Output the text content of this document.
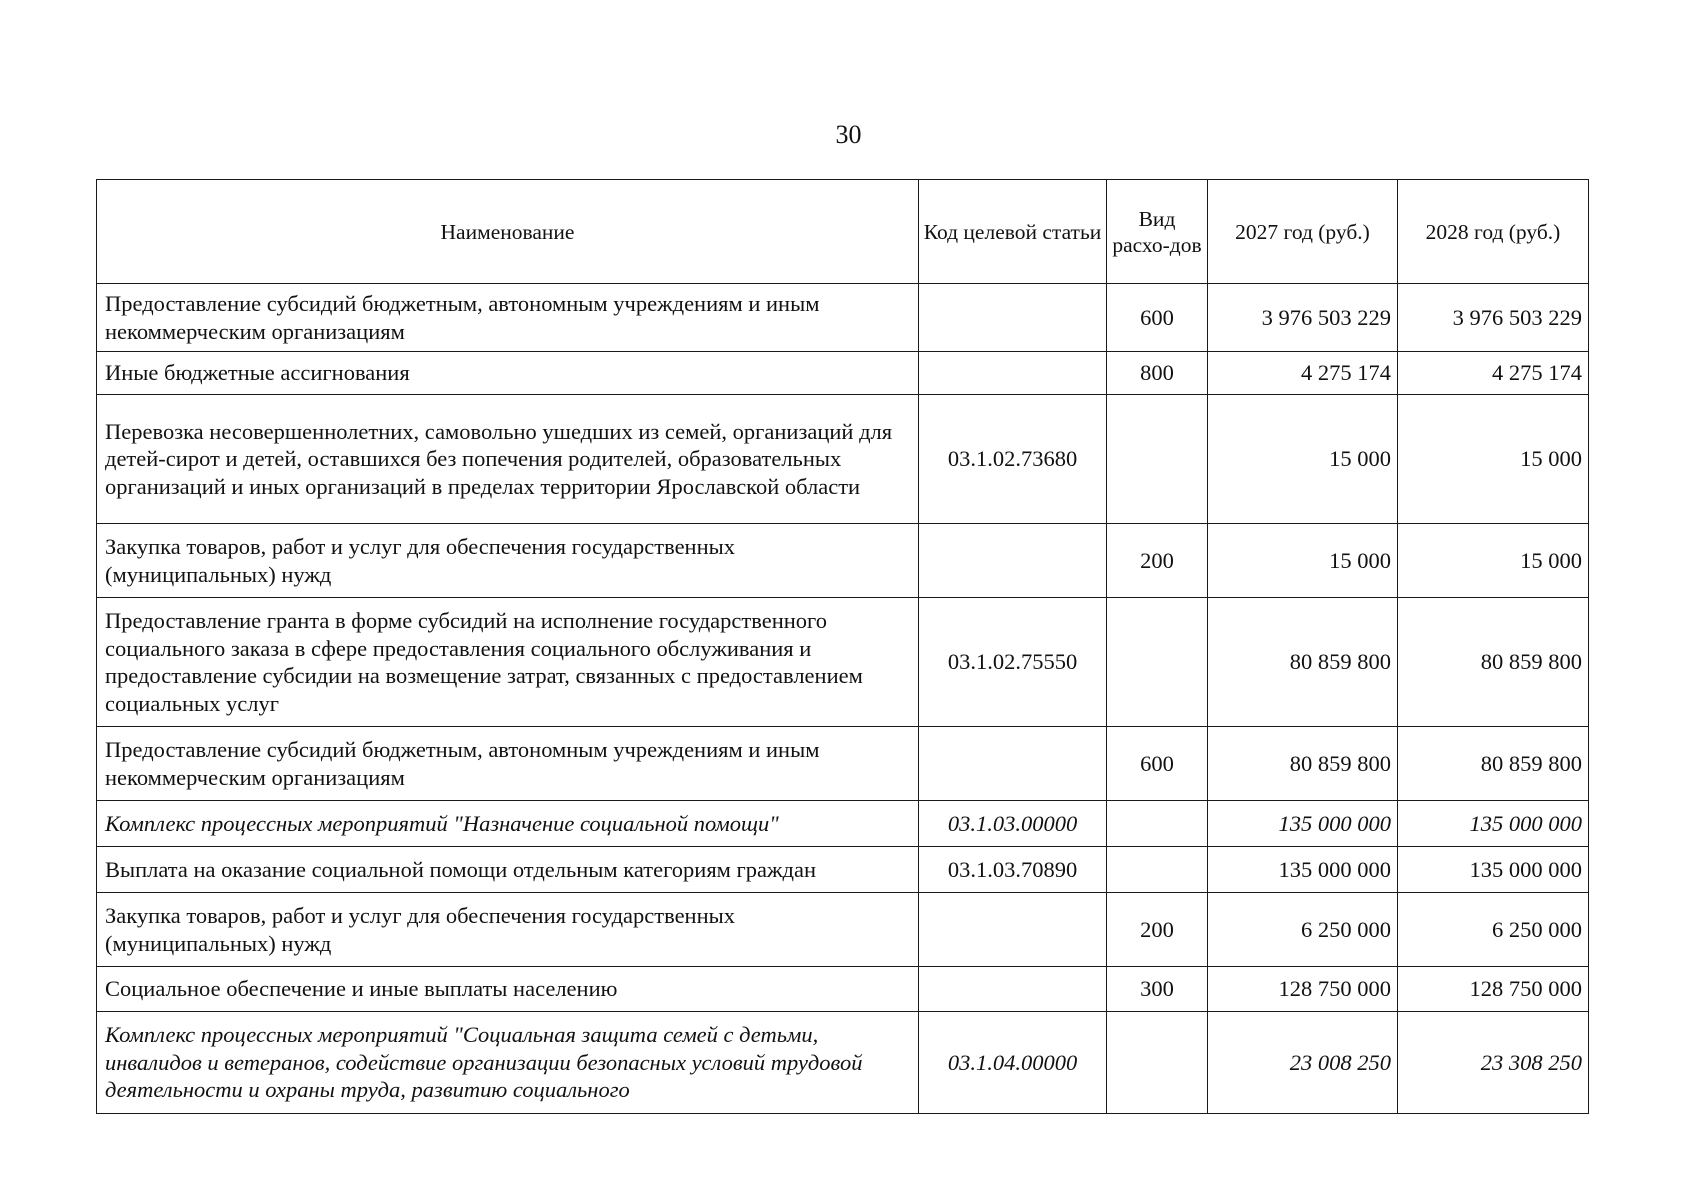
30
Наименование	Код целевой статьи	Вид расхо-дов	2027 год (руб.)	2028 год (руб.)
Предоставление субсидий бюджетным, автономным учреждениям и иным некоммерческим организациям		600	3 976 503 229	3 976 503 229
Иные бюджетные ассигнования		800	4 275 174	4 275 174
Перевозка несовершеннолетних, самовольно ушедших из семей, организаций для детей-сирот и детей, оставшихся без попечения родителей, образовательных организаций и иных организаций в пределах территории Ярославской области	03.1.02.73680		15 000	15 000
Закупка товаров, работ и услуг для обеспечения государственных (муниципальных) нужд		200	15 000	15 000
Предоставление гранта в форме субсидий на исполнение государственного социального заказа в сфере предоставления социального обслуживания и предоставление субсидии на возмещение затрат, связанных с предоставлением социальных услуг	03.1.02.75550		80 859 800	80 859 800
Предоставление субсидий бюджетным, автономным учреждениям и иным некоммерческим организациям		600	80 859 800	80 859 800
Комплекс процессных мероприятий "Назначение социальной помощи"	03.1.03.00000		135 000 000	135 000 000
Выплата на оказание социальной помощи отдельным категориям граждан	03.1.03.70890		135 000 000	135 000 000
Закупка товаров, работ и услуг для обеспечения государственных (муниципальных) нужд		200	6 250 000	6 250 000
Социальное обеспечение и иные выплаты населению		300	128 750 000	128 750 000
Комплекс процессных мероприятий "Социальная защита семей с детьми, инвалидов и ветеранов, содействие организации безопасных условий трудовой деятельности и охраны труда, развитию социального	03.1.04.00000		23 008 250	23 308 250
